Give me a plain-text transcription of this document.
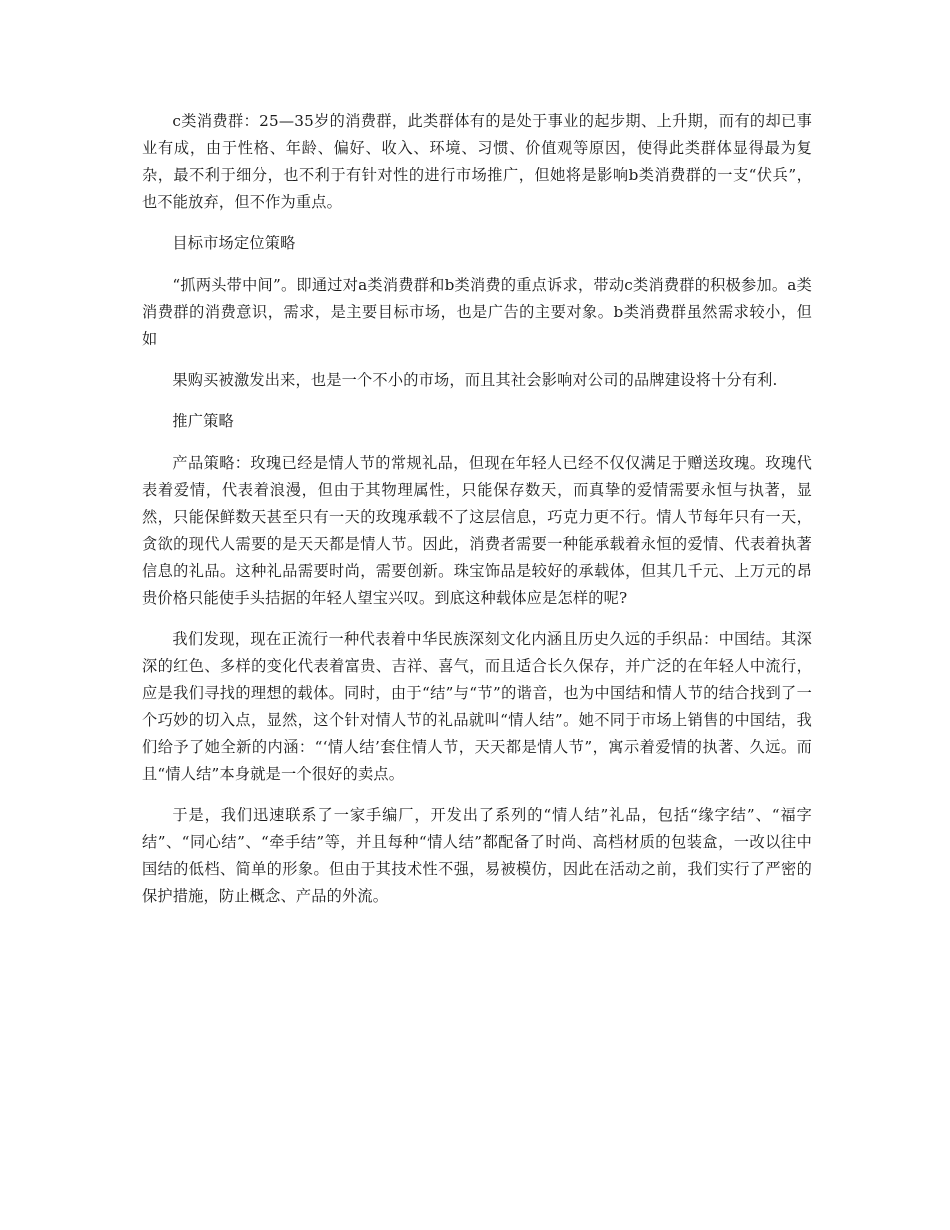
c类消费群：25—35岁的消费群，此类群体有的是处于事业的起步期、上升期，而有的却已事业有成，由于性格、年龄、偏好、收入、环境、习惯、价值观等原因，使得此类群体显得最为复杂，最不利于细分，也不利于有针对性的进行市场推广，但她将是影响b类消费群的一支“伏兵”，也不能放弃，但不作为重点。

目标市场定位策略

“抓两头带中间”。即通过对a类消费群和b类消费的重点诉求，带动c类消费群的积极参加。a类消费群的消费意识，需求，是主要目标市场，也是广告的主要对象。b类消费群虽然需求较小，但如

果购买被激发出来，也是一个不小的市场，而且其社会影响对公司的品牌建设将十分有利.

推广策略

产品策略：玫瑰已经是情人节的常规礼品，但现在年轻人已经不仅仅满足于赠送玫瑰。玫瑰代表着爱情，代表着浪漫，但由于其物理属性，只能保存数天，而真挚的爱情需要永恒与执著，显然，只能保鲜数天甚至只有一天的玫瑰承载不了这层信息，巧克力更不行。情人节每年只有一天，贪欲的现代人需要的是天天都是情人节。因此，消费者需要一种能承载着永恒的爱情、代表着执著信息的礼品。这种礼品需要时尚，需要创新。珠宝饰品是较好的承载体，但其几千元、上万元的昂贵价格只能使手头拮据的年轻人望宝兴叹。到底这种载体应是怎样的呢?

我们发现，现在正流行一种代表着中华民族深刻文化内涵且历史久远的手织品：中国结。其深深的红色、多样的变化代表着富贵、吉祥、喜气，而且适合长久保存，并广泛的在年轻人中流行，应是我们寻找的理想的载体。同时，由于“结”与“节”的谐音，也为中国结和情人节的结合找到了一个巧妙的切入点，显然，这个针对情人节的礼品就叫“情人结”。她不同于市场上销售的中国结，我们给予了她全新的内涵：“‘情人结’套住情人节，天天都是情人节”，寓示着爱情的执著、久远。而且“情人结”本身就是一个很好的卖点。

于是，我们迅速联系了一家手编厂，开发出了系列的“情人结”礼品，包括“缘字结”、“福字结”、“同心结”、“牵手结”等，并且每种“情人结”都配备了时尚、高档材质的包装盒，一改以往中国结的低档、简单的形象。但由于其技术性不强，易被模仿，因此在活动之前，我们实行了严密的保护措施，防止概念、产品的外流。
